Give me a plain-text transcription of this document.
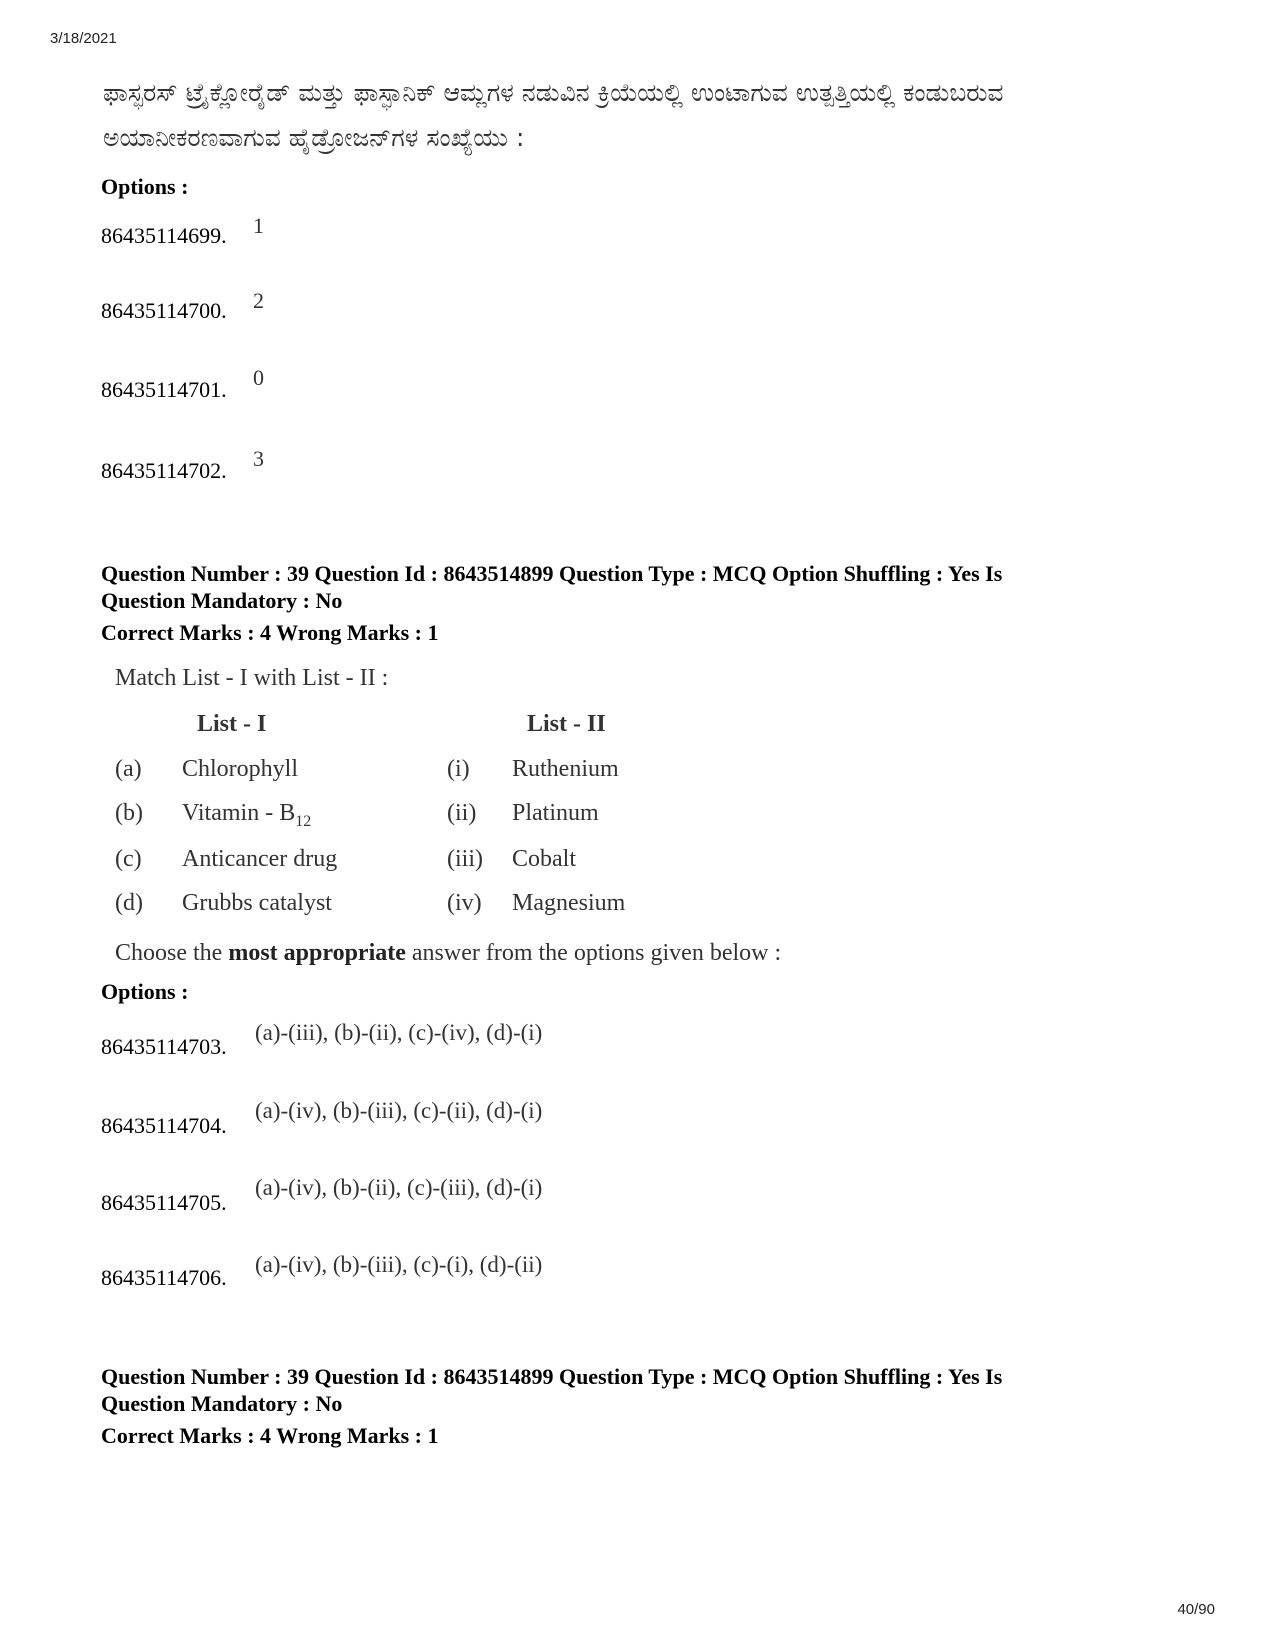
3/18/2021
40/90
ಫಾಸ್ಫರಸ್ ಟ್ರೈಕ್ಲೋರೈಡ್ ಮತ್ತು ಫಾಸ್ಫಾನಿಕ್ ಆಮ್ಲಗಳ ನಡುವಿನ ಕ್ರಿಯೆಯಲ್ಲಿ ಉಂಟಾಗುವ ಉತ್ಪತ್ತಿಯಲ್ಲಿ ಕಂಡುಬರುವ
ಅಯಾನೀಕರಣವಾಗುವ ಹೈಡ್ರೋಜನ್‌ಗಳ ಸಂಖ್ಯೆಯು :
Options :
86435114699. 1
86435114700. 2
86435114701. 0
86435114702. 3
Question Number : 39 Question Id : 8643514899 Question Type : MCQ Option Shuffling : Yes Is
Question Mandatory : No
Correct Marks : 4 Wrong Marks : 1
Match List - I with List - II :
List - I	List - II
(a) Chlorophyll	(i) Ruthenium
(b) Vitamin - $B_{12}$	(ii) Platinum
(c) Anticancer drug	(iii) Cobalt
(d) Grubbs catalyst	(iv) Magnesium
Choose the most appropriate answer from the options given below :
Options :
86435114703.
(a)-(iii), (b)-(ii), (c)-(iv), (d)-(i)
86435114704.
(a)-(iv), (b)-(iii), (c)-(ii), (d)-(i)
86435114705.
(a)-(iv), (b)-(ii), (c)-(iii), (d)-(i)
86435114706.
(a)-(iv), (b)-(iii), (c)-(i), (d)-(ii)
Question Number : 39 Question Id : 8643514899 Question Type : MCQ Option Shuffling : Yes Is
Question Mandatory : No
Correct Marks : 4 Wrong Marks : 1
